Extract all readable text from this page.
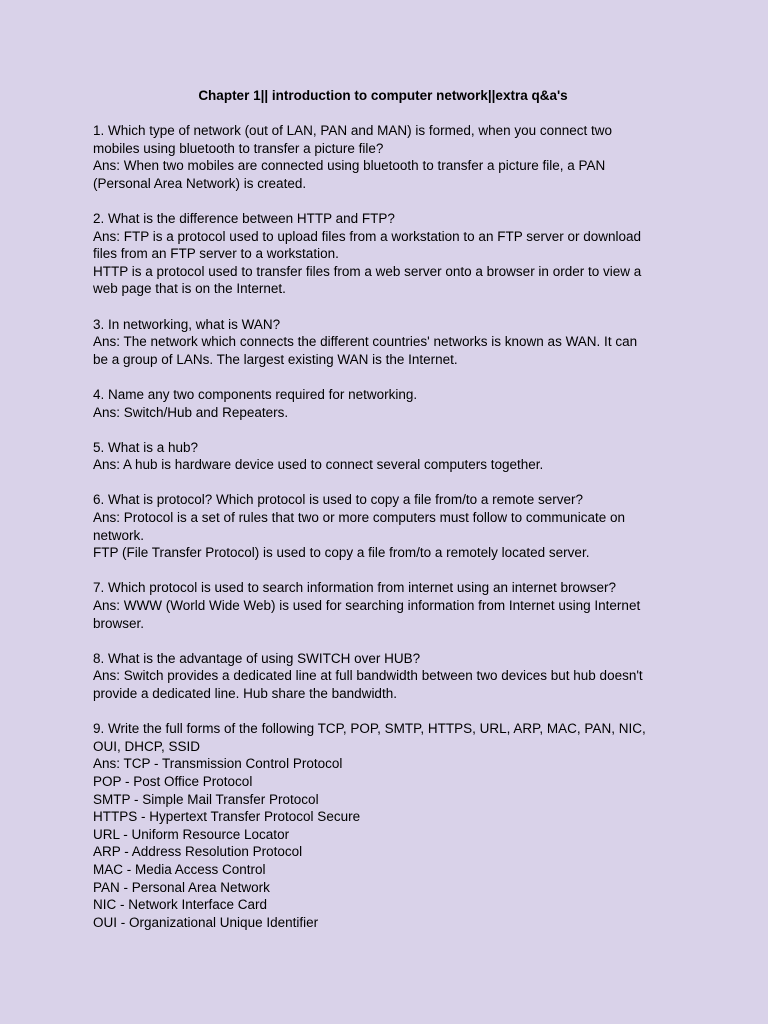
Chapter 1|| introduction to computer network||extra q&a's
1. Which type of network (out of LAN, PAN and MAN) is formed, when you connect two
mobiles using bluetooth to transfer a picture file?
Ans: When two mobiles are connected using bluetooth to transfer a picture file, a PAN
(Personal Area Network) is created.
2. What is the difference between HTTP and FTP?
Ans: FTP is a protocol used to upload files from a workstation to an FTP server or download
files from an FTP server to a workstation.
HTTP is a protocol used to transfer files from a web server onto a browser in order to view a
web page that is on the Internet.
3. In networking, what is WAN?
Ans: The network which connects the different countries' networks is known as WAN. It can
be a group of LANs. The largest existing WAN is the Internet.
4. Name any two components required for networking.
Ans: Switch/Hub and Repeaters.
5. What is a hub?
Ans: A hub is hardware device used to connect several computers together.
6. What is protocol? Which protocol is used to copy a file from/to a remote server?
Ans: Protocol is a set of rules that two or more computers must follow to communicate on
network.
FTP (File Transfer Protocol) is used to copy a file from/to a remotely located server.
7. Which protocol is used to search information from internet using an internet browser?
Ans: WWW (World Wide Web) is used for searching information from Internet using Internet
browser.
8. What is the advantage of using SWITCH over HUB?
Ans: Switch provides a dedicated line at full bandwidth between two devices but hub doesn't
provide a dedicated line. Hub share the bandwidth.
9. Write the full forms of the following TCP, POP, SMTP, HTTPS, URL, ARP, MAC, PAN, NIC,
OUI, DHCP, SSID
Ans: TCP - Transmission Control Protocol
POP - Post Office Protocol
SMTP - Simple Mail Transfer Protocol
HTTPS - Hypertext Transfer Protocol Secure
URL - Uniform Resource Locator
ARP - Address Resolution Protocol
MAC - Media Access Control
PAN - Personal Area Network
NIC - Network Interface Card
OUI - Organizational Unique Identifier
